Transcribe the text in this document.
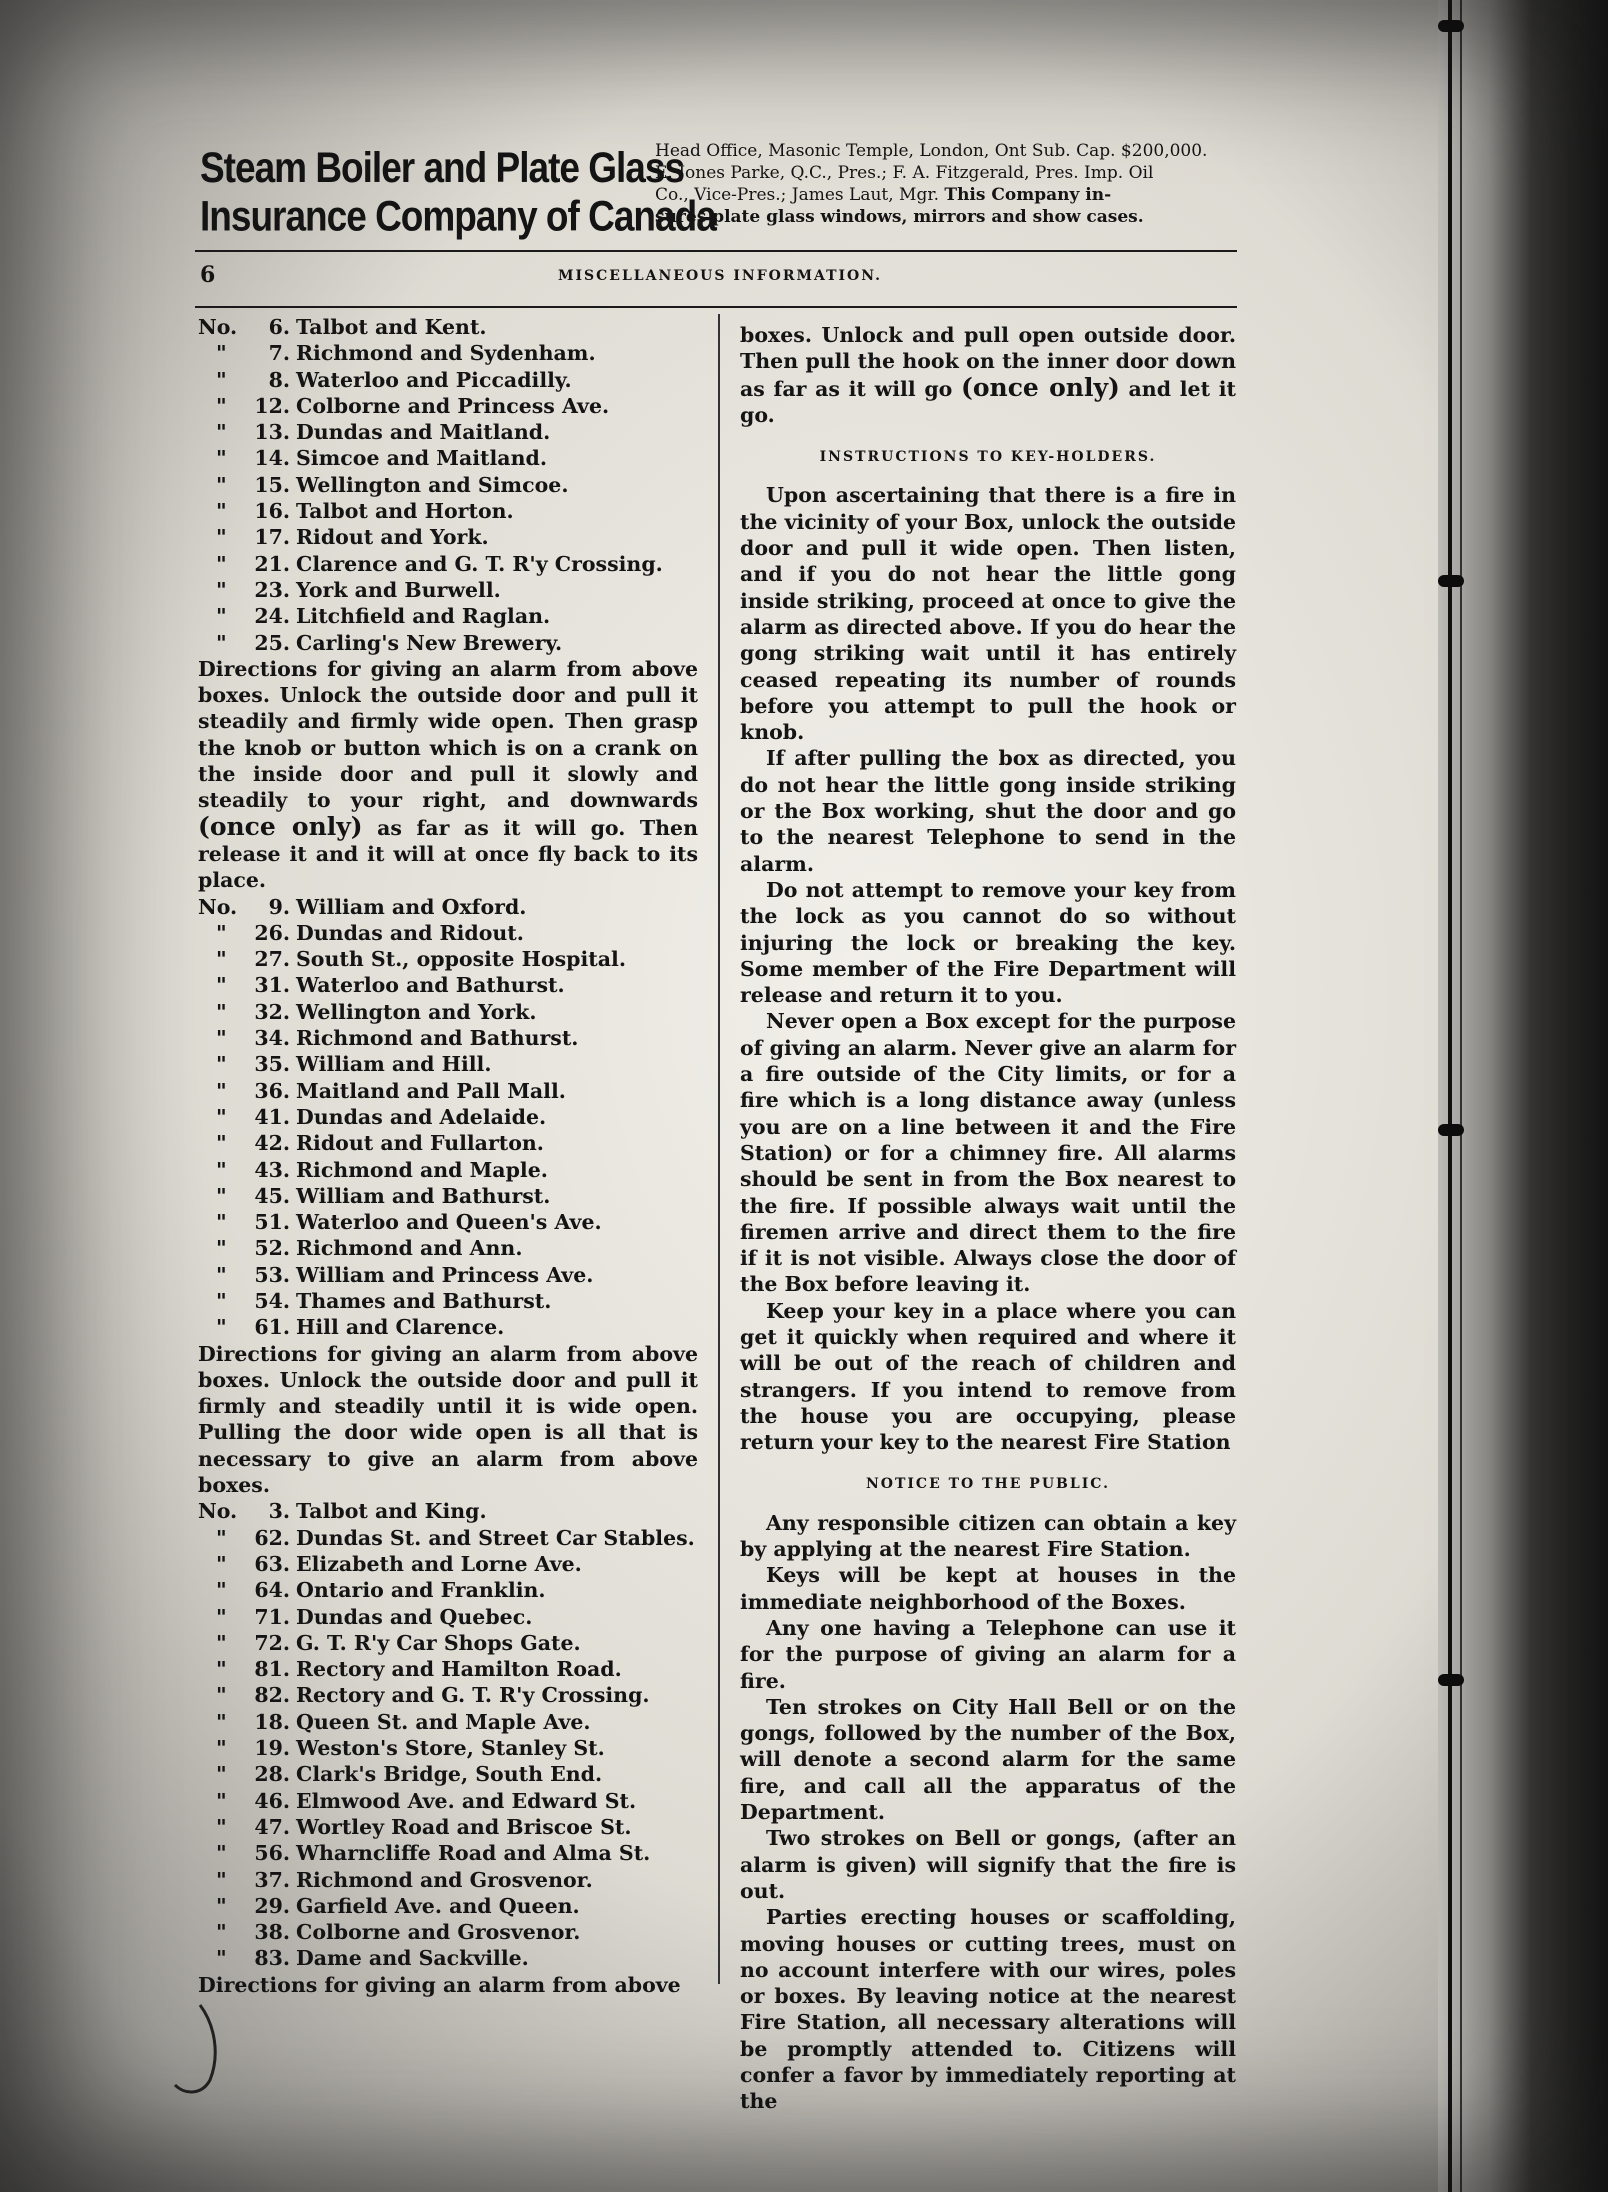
Steam Boiler and Plate Glass
Insurance Company of Canada
Head Office, Masonic Temple, London, Ont Sub. Cap. $200,000.
E. Jones Parke, Q.C., Pres.; F. A. Fitzgerald, Pres. Imp. Oil
Co., Vice-Pres.; James Laut, Mgr. This Company in-
sures plate glass windows, mirrors and show cases.
6	MISCELLANEOUS INFORMATION.
No.	6. Talbot and Kent.
"	7. Richmond and Sydenham.
"	8. Waterloo and Piccadilly.
"	12. Colborne and Princess Ave.
"	13. Dundas and Maitland.
"	14. Simcoe and Maitland.
"	15. Wellington and Simcoe.
"	16. Talbot and Horton.
"	17. Ridout and York.
"	21. Clarence and G. T. R'y Crossing.
"	23. York and Burwell.
"	24. Litchfield and Raglan.
"	25. Carling's New Brewery.
Directions for giving an alarm from above boxes. Unlock the outside door and pull it steadily and firmly wide open. Then grasp the knob or button which is on a crank on the inside door and pull it slowly and steadily to your right, and downwards (once only) as far as it will go. Then release it and it will at once fly back to its place.
No.	9. William and Oxford.
"	26. Dundas and Ridout.
"	27. South St., opposite Hospital.
"	31. Waterloo and Bathurst.
"	32. Wellington and York.
"	34. Richmond and Bathurst.
"	35. William and Hill.
"	36. Maitland and Pall Mall.
"	41. Dundas and Adelaide.
"	42. Ridout and Fullarton.
"	43. Richmond and Maple.
"	45. William and Bathurst.
"	51. Waterloo and Queen's Ave.
"	52. Richmond and Ann.
"	53. William and Princess Ave.
"	54. Thames and Bathurst.
"	61. Hill and Clarence.
Directions for giving an alarm from above boxes. Unlock the outside door and pull it firmly and steadily until it is wide open. Pulling the door wide open is all that is necessary to give an alarm from above boxes.
No.	3. Talbot and King.
"	62. Dundas St. and Street Car Stables.
"	63. Elizabeth and Lorne Ave.
"	64. Ontario and Franklin.
"	71. Dundas and Quebec.
"	72. G. T. R'y Car Shops Gate.
"	81. Rectory and Hamilton Road.
"	82. Rectory and G. T. R'y Crossing.
"	18. Queen St. and Maple Ave.
"	19. Weston's Store, Stanley St.
"	28. Clark's Bridge, South End.
"	46. Elmwood Ave. and Edward St.
"	47. Wortley Road and Briscoe St.
"	56. Wharncliffe Road and Alma St.
"	37. Richmond and Grosvenor.
"	29. Garfield Ave. and Queen.
"	38. Colborne and Grosvenor.
"	83. Dame and Sackville.
Directions for giving an alarm from above
boxes. Unlock and pull open outside door. Then pull the hook on the inner door down as far as it will go (once only) and let it go.
INSTRUCTIONS TO KEY-HOLDERS.

Upon ascertaining that there is a fire in the vicinity of your Box, unlock the outside door and pull it wide open. Then listen, and if you do not hear the little gong inside striking, proceed at once to give the alarm as directed above. If you do hear the gong striking wait until it has entirely ceased repeating its number of rounds before you attempt to pull the hook or knob.

If after pulling the box as directed, you do not hear the little gong inside striking or the Box working, shut the door and go to the nearest Telephone to send in the alarm.

Do not attempt to remove your key from the lock as you cannot do so without injuring the lock or breaking the key. Some member of the Fire Department will release and return it to you.

Never open a Box except for the purpose of giving an alarm. Never give an alarm for a fire outside of the City limits, or for a fire which is a long distance away (unless you are on a line between it and the Fire Station) or for a chimney fire. All alarms should be sent in from the Box nearest to the fire. If possible always wait until the firemen arrive and direct them to the fire if it is not visible. Always close the door of the Box before leaving it.

Keep your key in a place where you can get it quickly when required and where it will be out of the reach of children and strangers. If you intend to remove from the house you are occupying, please return your key to the nearest Fire Station

NOTICE TO THE PUBLIC.

Any responsible citizen can obtain a key by applying at the nearest Fire Station.

Keys will be kept at houses in the immediate neighborhood of the Boxes.

Any one having a Telephone can use it for the purpose of giving an alarm for a fire.

Ten strokes on City Hall Bell or on the gongs, followed by the number of the Box, will denote a second alarm for the same fire, and call all the apparatus of the Department.

Two strokes on Bell or gongs, (after an alarm is given) will signify that the fire is out.

Parties erecting houses or scaffolding, moving houses or cutting trees, must on no account interfere with our wires, poles or boxes. By leaving notice at the nearest Fire Station, all necessary alterations will be promptly attended to. Citizens will confer a favor by immediately reporting at the
